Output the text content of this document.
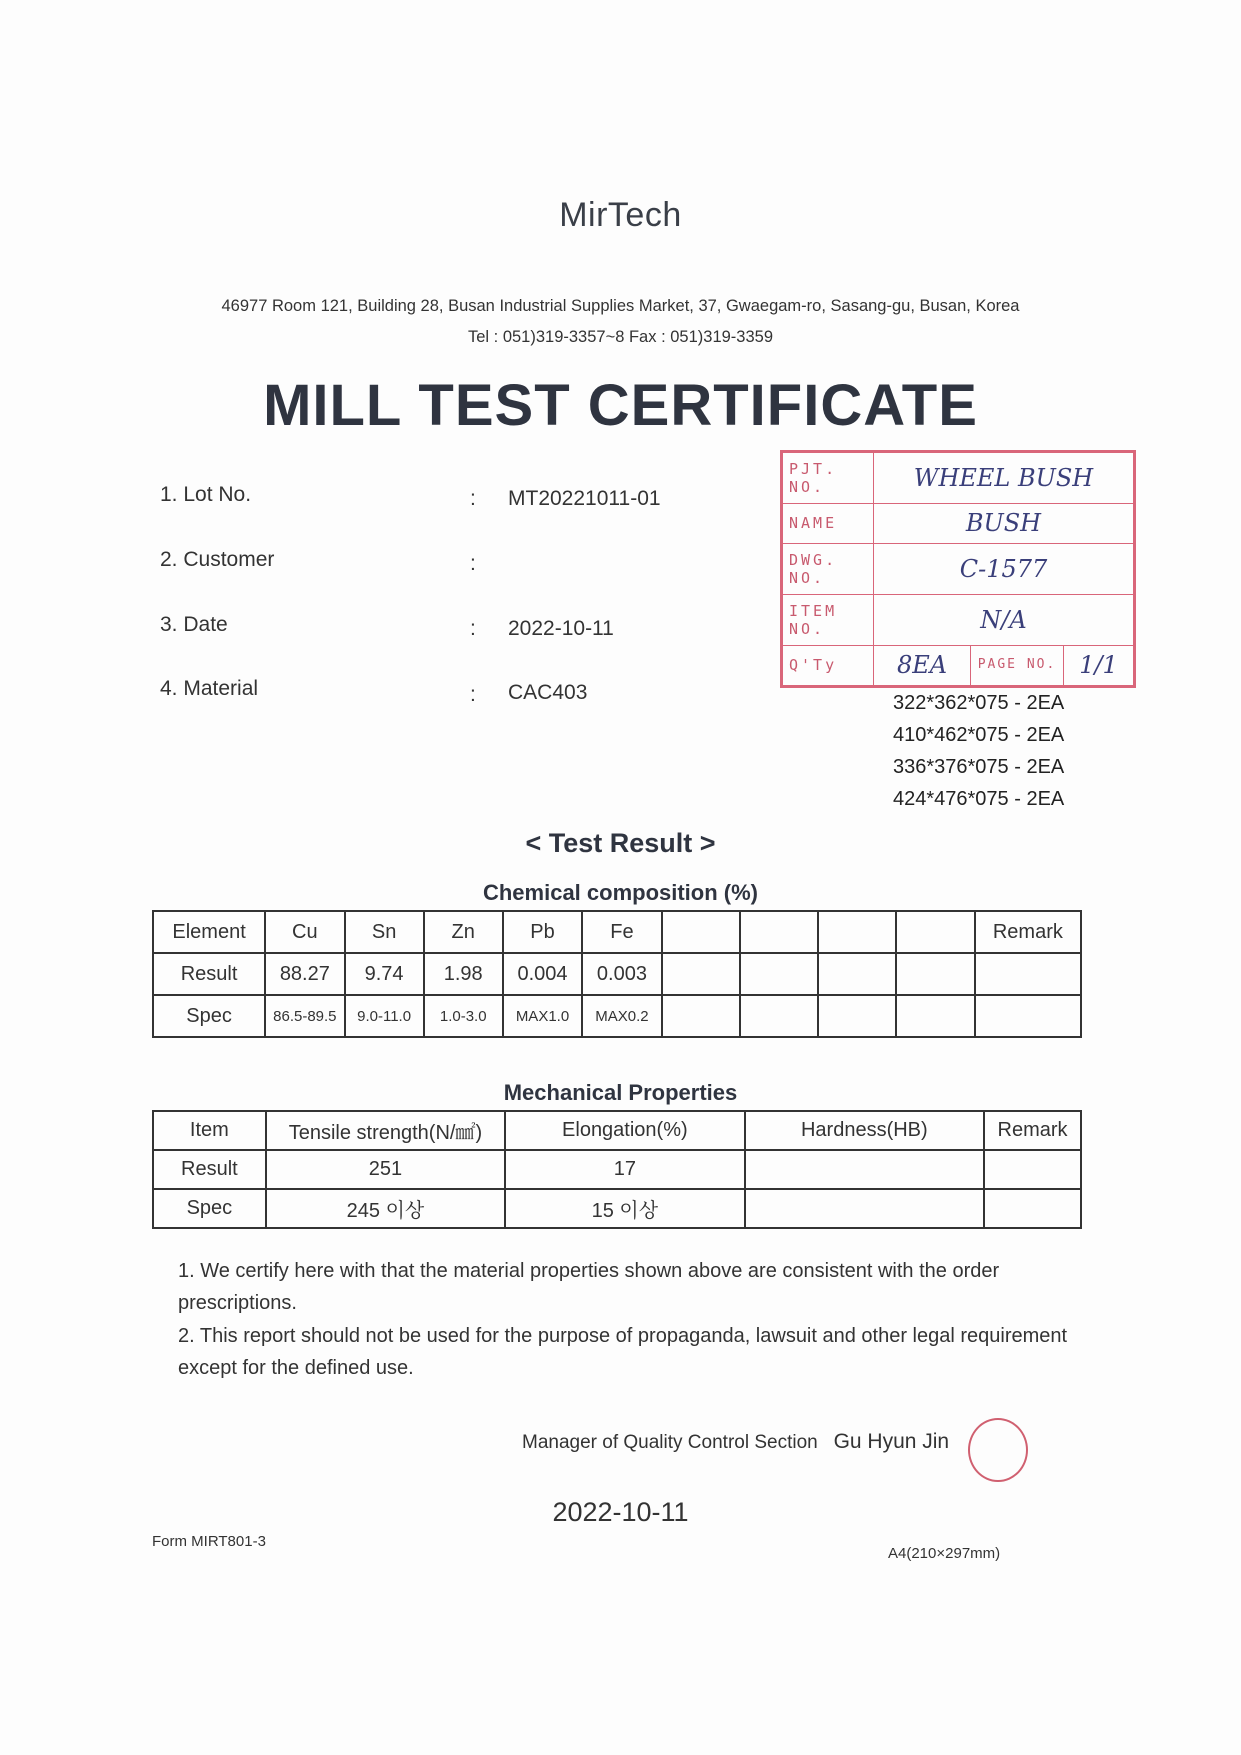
MirTech
46977 Room 121, Building 28, Busan Industrial Supplies Market, 37, Gwaegam-ro, Sasang-gu, Busan, Korea
Tel : 051)319-3357~8 Fax : 051)319-3359
MILL TEST CERTIFICATE
1. Lot No.	: MT20221011-01
2. Customer	:
3. Date	: 2022-10-11
4. Material	: CAC403
PJT. NO.	WHEEL BUSH		
NAME	BUSH		
DWG. NO.	C-1577		
ITEM NO.	N/A		
Q'Ty	8EA	PAGE NO.	1/1
322*362*075 - 2EA
410*462*075 - 2EA
336*376*075 - 2EA
424*476*075 - 2EA
< Test Result >
Chemical composition (%)
Element	Cu	Sn	Zn	Pb	Fe					Remark
Result	88.27	9.74	1.98	0.004	0.003					
Spec	86.5-89.5	9.0-11.0	1.0-3.0	MAX1.0	MAX0.2					
Mechanical Properties
Item	Tensile strength(N/㎟)	Elongation(%)	Hardness(HB)	Remark
Result	251	17		
Spec	245 이상	15 이상		
1. We certify here with that the material properties shown above are consistent with the order prescriptions.
2. This report should not be used for the purpose of propaganda, lawsuit and other legal requirement except for the defined use.
Manager of Quality Control Section Gu Hyun Jin
2022-10-11
Form MIRT801-3
A4(210×297mm)
